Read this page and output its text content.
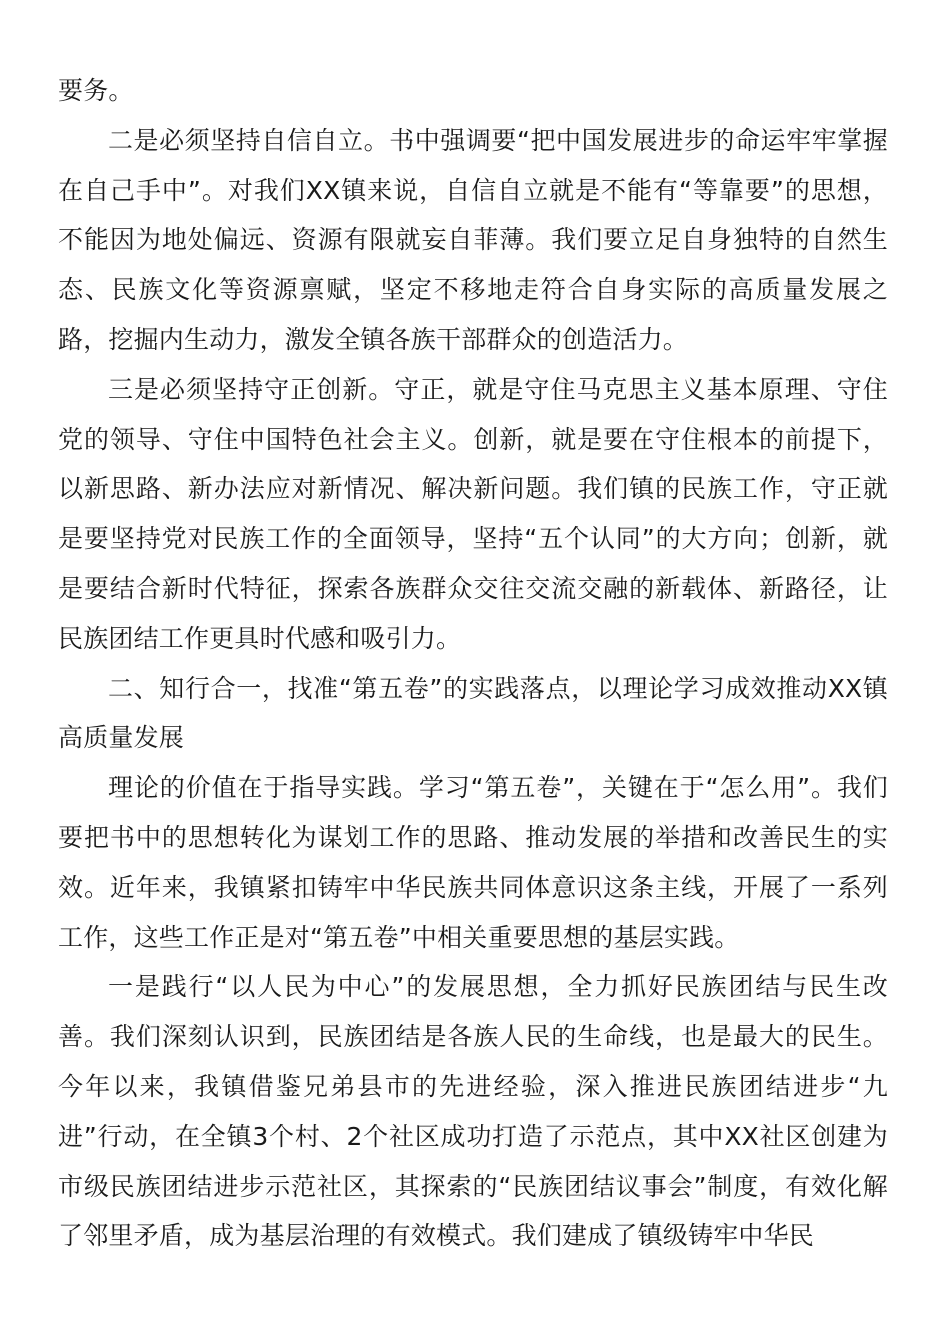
要务。

二是必须坚持自信自立。书中强调要“把中国发展进步的命运牢牢掌握在自己手中”。对我们XX镇来说，自信自立就是不能有“等靠要”的思想，不能因为地处偏远、资源有限就妄自菲薄。我们要立足自身独特的自然生态、民族文化等资源禀赋，坚定不移地走符合自身实际的高质量发展之路，挖掘内生动力，激发全镇各族干部群众的创造活力。

三是必须坚持守正创新。守正，就是守住马克思主义基本原理、守住党的领导、守住中国特色社会主义。创新，就是要在守住根本的前提下，以新思路、新办法应对新情况、解决新问题。我们镇的民族工作，守正就是要坚持党对民族工作的全面领导，坚持“五个认同”的大方向；创新，就是要结合新时代特征，探索各族群众交往交流交融的新载体、新路径，让民族团结工作更具时代感和吸引力。

二、知行合一，找准“第五卷”的实践落点，以理论学习成效推动XX镇高质量发展

理论的价值在于指导实践。学习“第五卷”，关键在于“怎么用”。我们要把书中的思想转化为谋划工作的思路、推动发展的举措和改善民生的实效。近年来，我镇紧扣铸牢中华民族共同体意识这条主线，开展了一系列工作，这些工作正是对“第五卷”中相关重要思想的基层实践。

一是践行“以人民为中心”的发展思想，全力抓好民族团结与民生改善。我们深刻认识到，民族团结是各族人民的生命线，也是最大的民生。今年以来，我镇借鉴兄弟县市的先进经验，深入推进民族团结进步“九进”行动，在全镇3个村、2个社区成功打造了示范点，其中XX社区创建为市级民族团结进步示范社区，其探索的“民族团结议事会”制度，有效化解了邻里矛盾，成为基层治理的有效模式。我们建成了镇级铸牢中华民
